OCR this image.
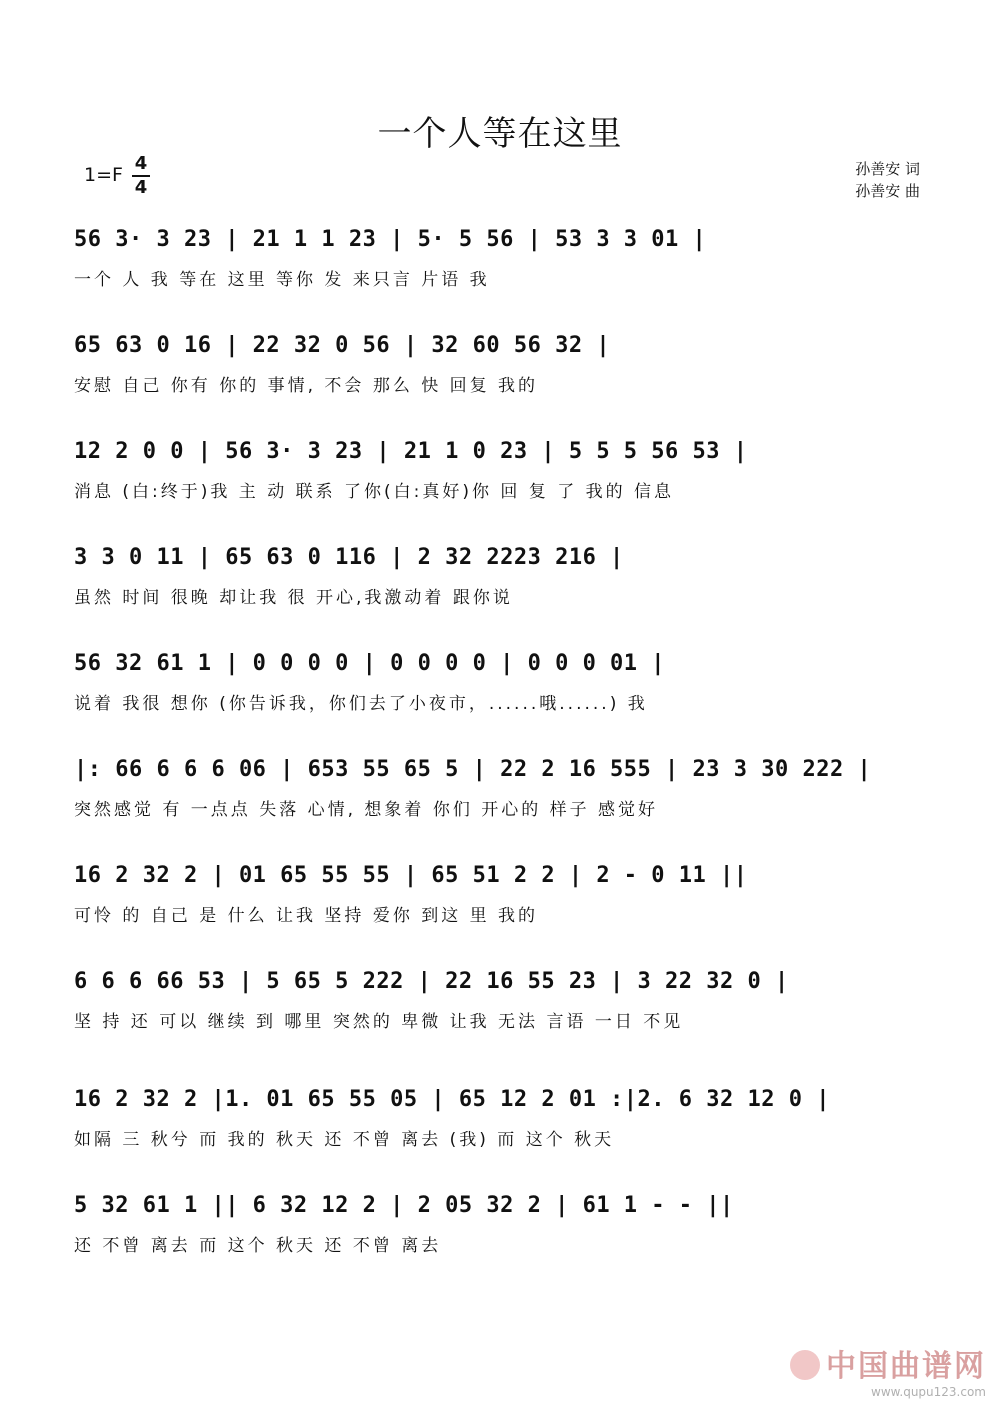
一个人等在这里
1=F
4
4
孙善安 词
孙善安 曲
56 3· 3 23 | 21 1 1 23 | 5· 5 56 | 53 3 3 01 |
一个 人 我 等在 这里 等你 发 来只言 片语 我
65 63 0 16 | 22 32 0 56 | 32 60 56 32 |
安慰 自己 你有 你的 事情, 不会 那么 快 回复 我的
12 2 0 0 | 56 3· 3 23 | 21 1 0 23 | 5 5 5 56 53 |
消息 (白:终于)我 主 动 联系 了你(白:真好)你 回 复 了 我的 信息
3 3 0 11 | 65 63 0 116 | 2 32 2223 216 |
虽然 时间 很晚 却让我 很 开心,我激动着 跟你说
56 32 61 1 | 0 0 0 0 | 0 0 0 0 | 0 0 0 01 |
说着 我很 想你 (你告诉我，你们去了小夜市，......哦......) 我
|: 66 6 6 6 06 | 653 55 65 5 | 22 2 16 555 | 23 3 30 222 |
突然感觉 有 一点点 失落 心情, 想象着 你们 开心的 样子 感觉好
16 2 32 2 | 01 65 55 55 | 65 51 2 2 | 2 - 0 11 ||
可怜 的 自己 是 什么 让我 坚持 爱你 到这 里 我的
6 6 6 66 53 | 5 65 5 222 | 22 16 55 23 | 3 22 32 0 |
坚 持 还 可以 继续 到 哪里 突然的 卑微 让我 无法 言语 一日 不见
16 2 32 2 |1. 01 65 55 05 | 65 12 2 01 :|2. 6 32 12 0 |
如隔 三 秋兮 而 我的 秋天 还 不曾 离去 (我) 而 这个 秋天
5 32 61 1 || 6 32 12 2 | 2 05 32 2 | 61 1 - - ||
还 不曾 离去 而 这个 秋天 还 不曾 离去
中国曲谱网
www.qupu123.com
